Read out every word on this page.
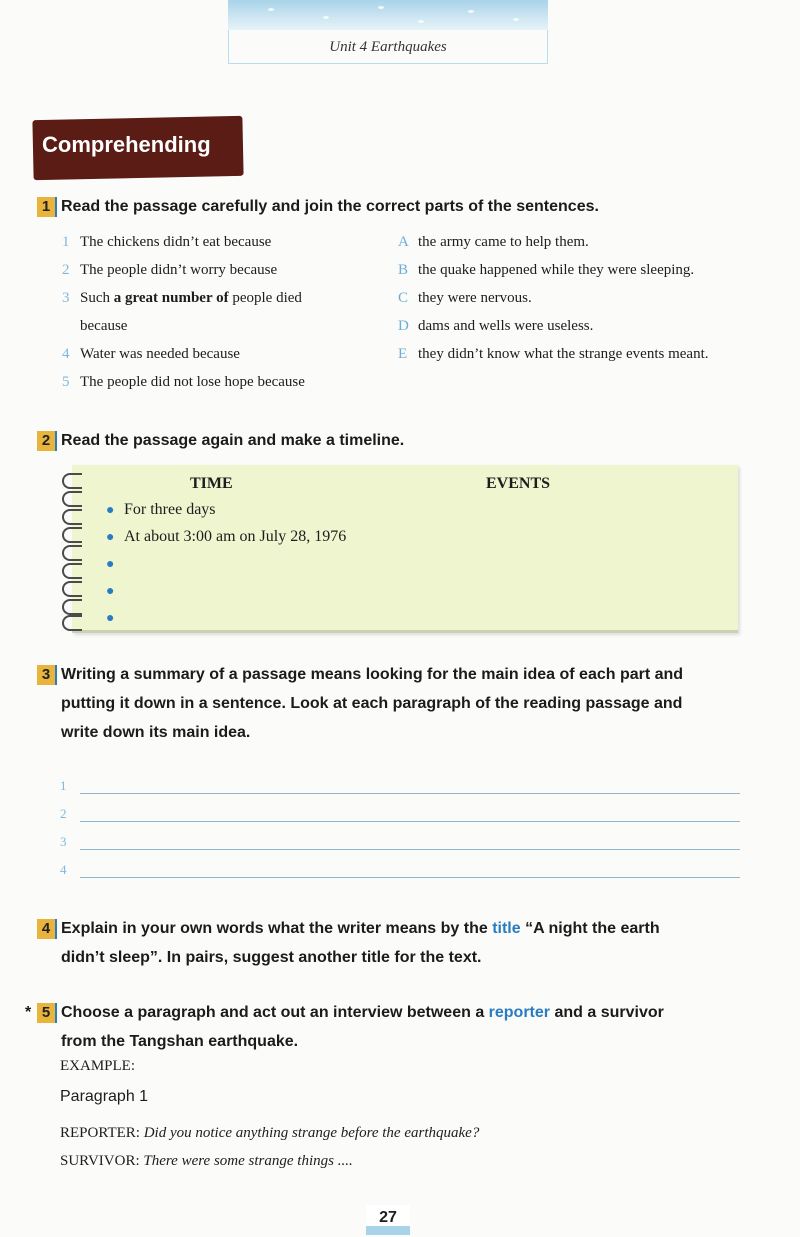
Unit 4 Earthquakes
Comprehending
1 Read the passage carefully and join the correct parts of the sentences.
1 The chickens didn’t eat because
2 The people didn’t worry because
3 Such a great number of people died
because
4 Water was needed because
5 The people did not lose hope because
A the army came to help them.
B the quake happened while they were sleeping.
C they were nervous.
D dams and wells were useless.
E they didn’t know what the strange events meant.
2 Read the passage again and make a timeline.
TIME	EVENTS
● For three days
● At about 3:00 am on July 28, 1976
●
●
●
3 Writing a summary of a passage means looking for the main idea of each part and
putting it down in a sentence. Look at each paragraph of the reading passage and
write down its main idea.
1
2
3
4
4 Explain in your own words what the writer means by the title “A night the earth
didn’t sleep”. In pairs, suggest another title for the text.
* 5 Choose a paragraph and act out an interview between a reporter and a survivor
from the Tangshan earthquake.
EXAMPLE:
Paragraph 1
REPORTER: Did you notice anything strange before the earthquake?
SURVIVOR: There were some strange things ....
27
